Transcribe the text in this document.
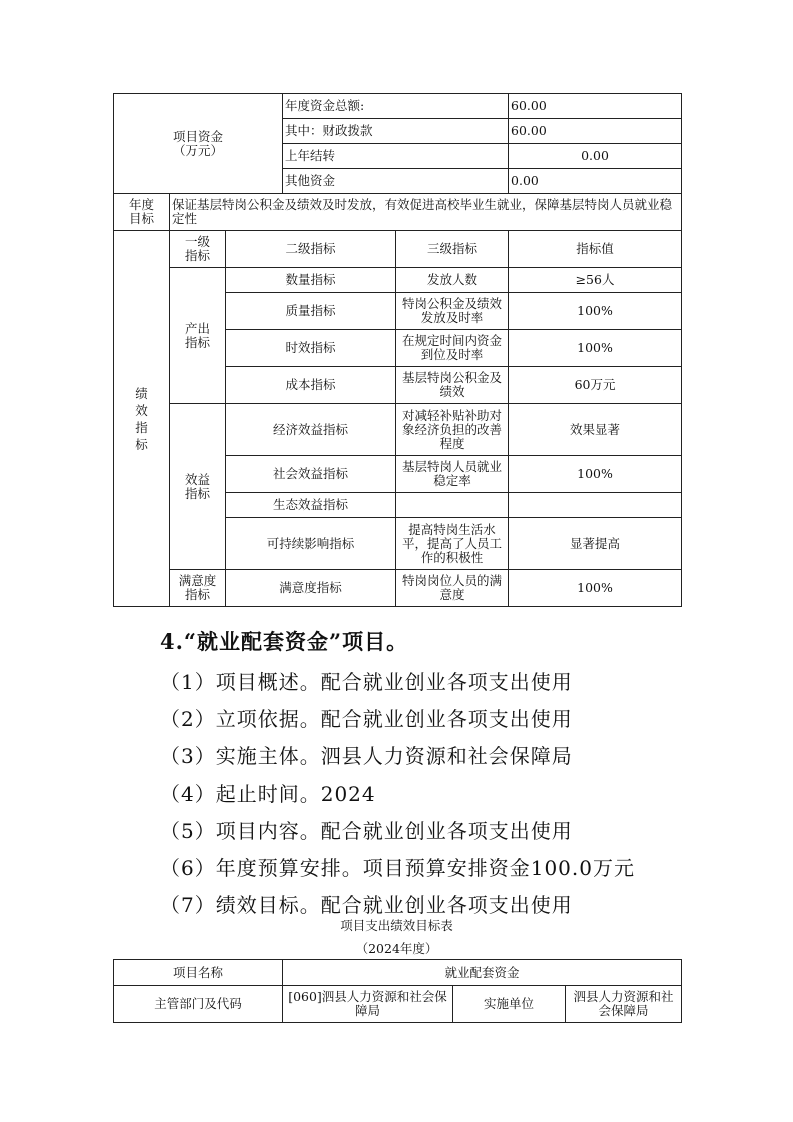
项目资金（万元）			年度资金总额:		60.00
			其中：财政拨款		60.00
			上年结转		0.00
			其他资金		0.00

年度目标	保证基层特岗公积金及绩效及时发放，有效促进高校毕业生就业，保障基层特岗人员就业稳定性				

绩效指标	一级指标	二级指标		三级指标	指标值

	产出指标	数量指标		发放人数	≥56人
		质量指标		特岗公积金及绩效发放及时率	100%
		时效指标		在规定时间内资金到位及时率	100%
		成本指标		基层特岗公积金及绩效	60万元

	效益指标	经济效益指标		对减轻补贴补助对象经济负担的改善程度	效果显著
		社会效益指标		基层特岗人员就业稳定率	100%
		生态效益指标			
		可持续影响指标		提高特岗生活水平，提高了人员工作的积极性	显著提高

	满意度指标	满意度指标		特岗岗位人员的满意度	100%
4.“就业配套资金”项目。
（1）项目概述。配合就业创业各项支出使用
（2）立项依据。配合就业创业各项支出使用
（3）实施主体。泗县人力资源和社会保障局
（4）起止时间。2024
（5）项目内容。配合就业创业各项支出使用
（6）年度预算安排。项目预算安排资金100.0万元
（7）绩效目标。配合就业创业各项支出使用
项目支出绩效目标表
（2024年度）
项目名称	就业配套资金		
主管部门及代码	[060]泗县人力资源和社会保障局	实施单位	泗县人力资源和社会保障局
